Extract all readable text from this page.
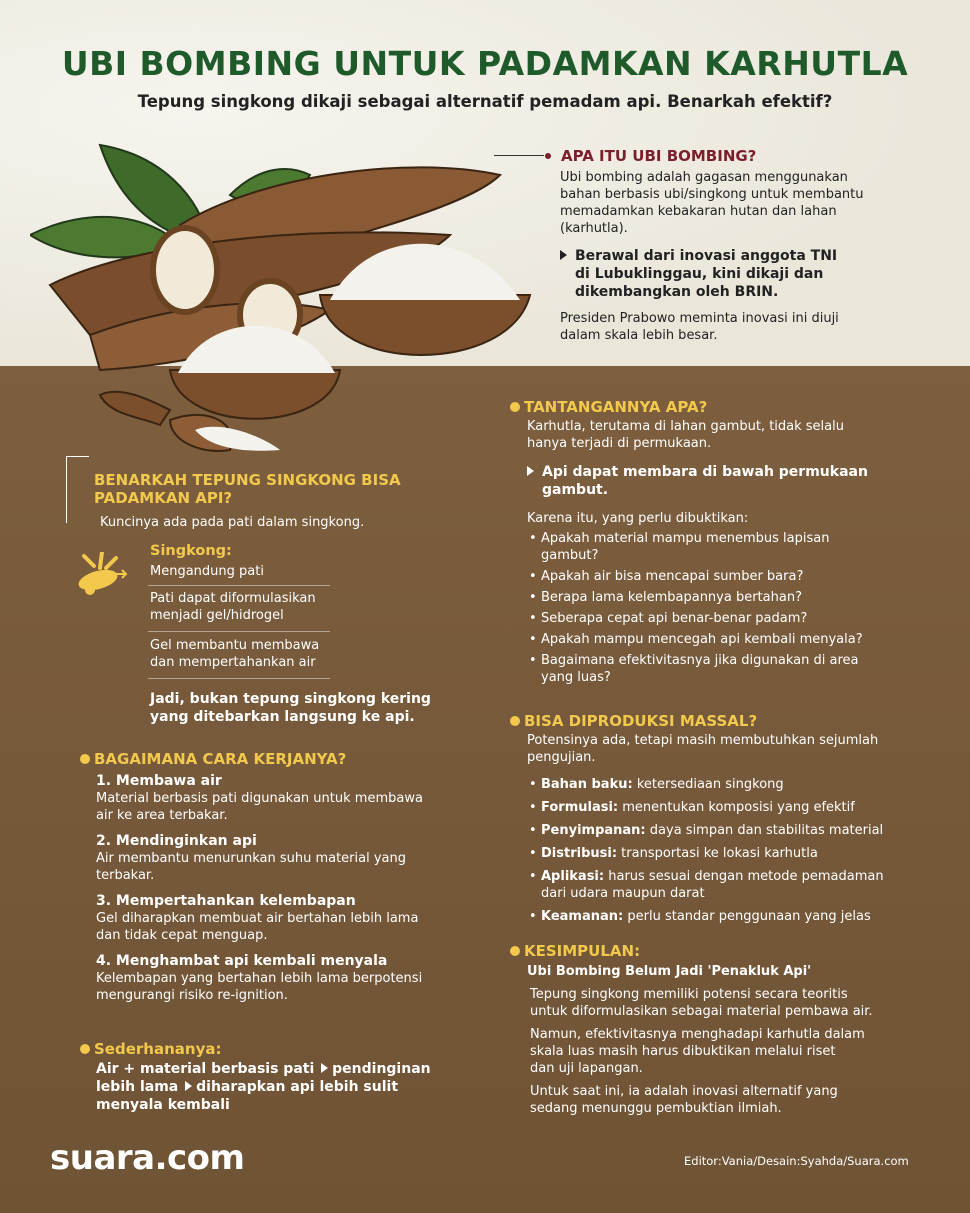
UBI BOMBING UNTUK PADAMKAN KARHUTLA
Tepung singkong dikaji sebagai alternatif pemadam api. Benarkah efektif?
APA ITU UBI BOMBING?
Ubi bombing adalah gagasan menggunakan
bahan berbasis ubi/singkong untuk membantu
memadamkan kebakaran hutan dan lahan
(karhutla).
Berawal dari inovasi anggota TNI
di Lubuklinggau, kini dikaji dan
dikembangkan oleh BRIN.
Presiden Prabowo meminta inovasi ini diuji
dalam skala lebih besar.
BENARKAH TEPUNG SINGKONG BISA
PADAMKAN API?
Kuncinya ada pada pati dalam singkong.
Singkong:
Mengandung pati
Pati dapat diformulasikan
menjadi gel/hidrogel
Gel membantu membawa
dan mempertahankan air
Jadi, bukan tepung singkong kering
yang ditebarkan langsung ke api.
BAGAIMANA CARA KERJANYA?
1. Membawa air
Material berbasis pati digunakan untuk membawa
air ke area terbakar.
2. Mendinginkan api
Air membantu menurunkan suhu material yang
terbakar.
3. Mempertahankan kelembapan
Gel diharapkan membuat air bertahan lebih lama
dan tidak cepat menguap.
4. Menghambat api kembali menyala
Kelembapan yang bertahan lebih lama berpotensi
mengurangi risiko re-ignition.
Sederhananya:
Air + material berbasis pati pendinginan
lebih lama diharapkan api lebih sulit
menyala kembali
TANTANGANNYA APA?
Karhutla, terutama di lahan gambut, tidak selalu
hanya terjadi di permukaan.
Api dapat membara di bawah permukaan
gambut.
Karena itu, yang perlu dibuktikan:
• Apakah material mampu menembus lapisan
gambut?
• Apakah air bisa mencapai sumber bara?
• Berapa lama kelembapannya bertahan?
• Seberapa cepat api benar-benar padam?
• Apakah mampu mencegah api kembali menyala?
• Bagaimana efektivitasnya jika digunakan di area
yang luas?
BISA DIPRODUKSI MASSAL?
Potensinya ada, tetapi masih membutuhkan sejumlah
pengujian.
• Bahan baku: ketersediaan singkong
• Formulasi: menentukan komposisi yang efektif
• Penyimpanan: daya simpan dan stabilitas material
• Distribusi: transportasi ke lokasi karhutla
• Aplikasi: harus sesuai dengan metode pemadaman
dari udara maupun darat
• Keamanan: perlu standar penggunaan yang jelas
KESIMPULAN:
Ubi Bombing Belum Jadi 'Penakluk Api'
Tepung singkong memiliki potensi secara teoritis
untuk diformulasikan sebagai material pembawa air.
Namun, efektivitasnya menghadapi karhutla dalam
skala luas masih harus dibuktikan melalui riset
dan uji lapangan.
Untuk saat ini, ia adalah inovasi alternatif yang
sedang menunggu pembuktian ilmiah.
suara.com	Editor:Vania/Desain:Syahda/Suara.com
